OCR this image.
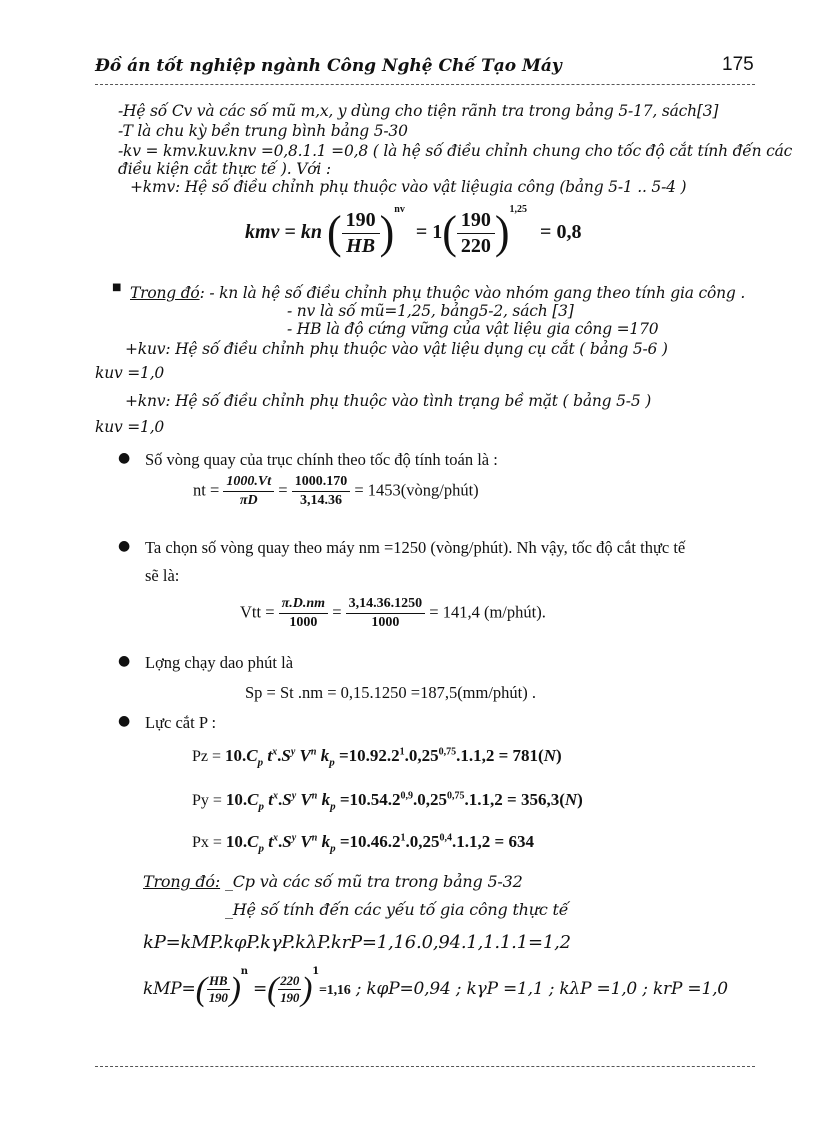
Đồ án tốt nghiệp ngành Công Nghệ Chế Tạo Máy	175
-Hệ số Cv và các số mũ m,x, y dùng cho tiện rãnh tra trong bảng 5-17, sách[3]
-T là chu kỳ bền trung bình bảng 5-30
-kv = kmv.kuv.knv =0,8.1.1 =0,8 ( là hệ số điều chỉnh chung cho tốc độ cắt tính đến các
điều kiện cắt thực tế ). Với :
+kmv: Hệ số điều chỉnh phụ thuộc vào vật liệugia công (bảng 5-1 .. 5-4 )
kmv = kn ( $\frac{190}{HB} )^{nv} = 1( \frac{190}{220} )^{1,25} = 0,8$
■ Trong đó: - kn là hệ số điều chỉnh phụ thuộc vào nhóm gang theo tính gia công .
- nv là số mũ=1,25, bảng5-2, sách [3]
- HB là độ cứng vững của vật liệu gia công =170
+kuv: Hệ số điều chỉnh phụ thuộc vào vật liệu dụng cụ cắt ( bảng 5-6 )
kuv =1,0
+knv: Hệ số điều chỉnh phụ thuộc vào tình trạng bề mặt ( bảng 5-5 )
kuv =1,0
● Số vòng quay của trục chính theo tốc độ tính toán là :
nt = $\frac{1000.Vt}{\pi D} = \frac{1000.170}{3,14.36}$ = 1453(vòng/phút)
● Ta chọn số vòng quay theo máy nm =1250 (vòng/phút). Nh vậy, tốc độ cắt thực tế
sẽ là:
Vtt = $\frac{\pi.D.nm}{1000} = \frac{3,14.36.1250}{1000} = 141,4$ (m/phút).
● Lợng chạy dao phút là
Sp = St .nm = 0,15.1250 =187,5(mm/phút) .
● Lực cắt P :
$Pz = 10.C_p$ $t^x.S^y$ $V^n$ $k_p =10.92.2^1.0,25^{0,75}.1.1,2 = 781(N)$
$Py = 10.C_p$ $t^x.S^y$ $V^n$ $k_p =10.54.2^{0,9}.0,25^{0,75}.1.1,2 = 356,3(N)$
$Px = 10.C_p$ $t^x.S^y$ $V^n$ $k_p =10.46.2^1.0,25^{0,4}.1.1,2 = 634$
Trong đó: _Cp và các số mũ tra trong bảng 5-32
_Hệ số tính đến các yếu tố gia công thực tế
kP=kMP.kφP.kγP.kλP.krP=1,16.0,94.1,1.1.1=1,2
$kMP=( \frac{HB}{190} )^n$ =( $\frac{220}{190} )^1=1,16$ ; kφP=0,94 ; kγP =1,1 ; kλP =1,0 ; krP =1,0
